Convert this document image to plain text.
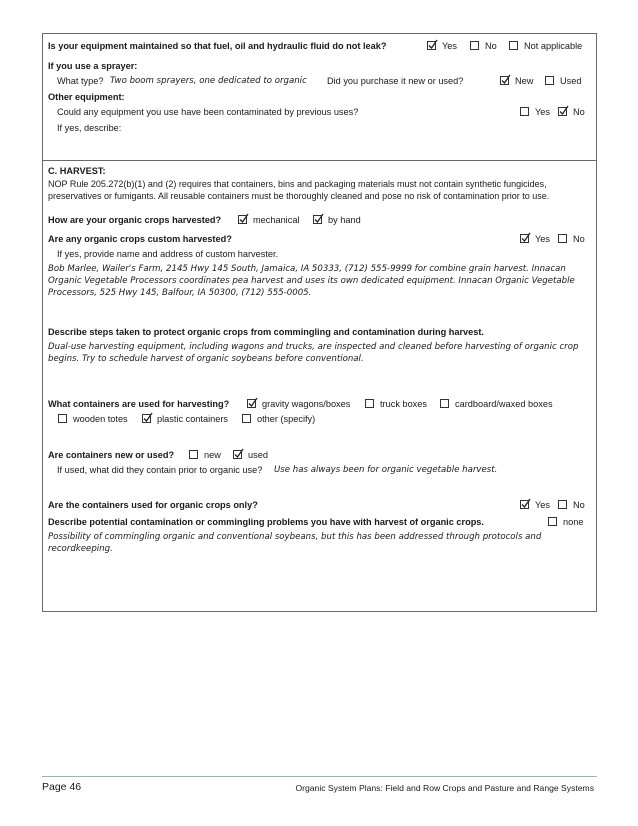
Is your equipment maintained so that fuel, oil and hydraulic fluid do not leak?	Yes	No	Not applicable
If you use a sprayer:
What type? Two boom sprayers, one dedicated to organic Did you purchase it new or used?	New	Used
Other equipment:
Could any equipment you use have been contaminated by previous uses?	Yes	No
If yes, describe:
C. HARVEST:
NOP Rule 205.272(b)(1) and (2) requires that containers, bins and packaging materials must not contain synthetic fungicides, preservatives or fumigants. All reusable containers must be thoroughly cleaned and pose no risk of contamination prior to use.
How are your organic crops harvested?	mechanical	by hand
Are any organic crops custom harvested?	Yes	No
If yes, provide name and address of custom harvester.
Bob Marlee, Wailer's Farm, 2145 Hwy 145 South, Jamaica, IA 50333, (712) 555-9999 for combine grain harvest. Innacan Organic Vegetable Processors coordinates pea harvest and uses its own dedicated equipment. Innacan Organic Vegetable Processors, 525 Hwy 145, Balfour, IA 50300, (712) 555-0005.
Describe steps taken to protect organic crops from commingling and contamination during harvest.
Dual-use harvesting equipment, including wagons and trucks, are inspected and cleaned before harvesting of organic crop begins. Try to schedule harvest of organic soybeans before conventional.
What containers are used for harvesting?	gravity wagons/boxes	truck boxes	cardboard/waxed boxes
wooden totes	plastic containers	other (specify)
Are containers new or used?	new	used
If used, what did they contain prior to organic use? Use has always been for organic vegetable harvest.
Are the containers used for organic crops only?	Yes	No
Describe potential contamination or commingling problems you have with harvest of organic crops.	none
Possibility of commingling organic and conventional soybeans, but this has been addressed through protocols and recordkeeping.
Page 46	Organic System Plans: Field and Row Crops and Pasture and Range Systems
